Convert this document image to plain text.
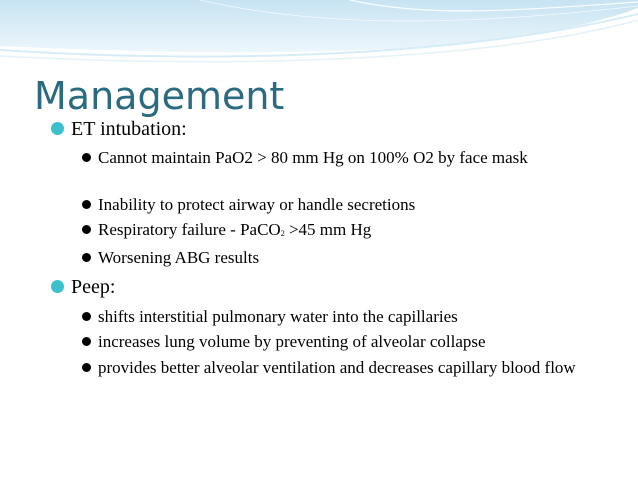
Management
ET intubation:
Cannot maintain PaO2 > 80 mm Hg on 100% O2 by face mask
Inability to protect airway or handle secretions
Respiratory failure - PaCO$_2$ >45 mm Hg
Worsening ABG results
Peep:
shifts interstitial pulmonary water into the capillaries
increases lung volume by preventing of alveolar collapse
provides better alveolar ventilation and decreases capillary blood flow
